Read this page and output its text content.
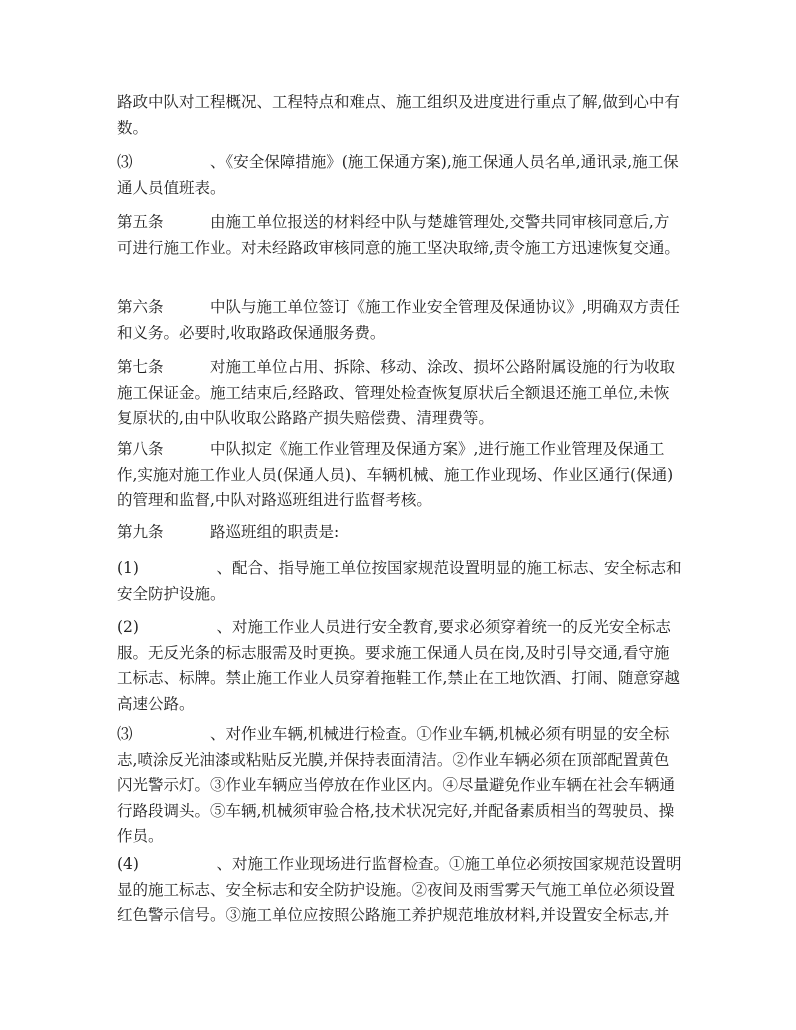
路政中队对工程概况、工程特点和难点、施工组织及进度进行重点了解,做到心中有数。
⑶　　　　　、《安全保障措施》(施工保通方案),施工保通人员名单,通讯录,施工保通人员值班表。
第五条　　　由施工单位报送的材料经中队与楚雄管理处,交警共同审核同意后,方可进行施工作业。对未经路政审核同意的施工坚决取缔,责令施工方迅速恢复交通。
第六条　　　中队与施工单位签订《施工作业安全管理及保通协议》,明确双方责任和义务。必要时,收取路政保通服务费。
第七条　　　对施工单位占用、拆除、移动、涂改、损坏公路附属设施的行为收取施工保证金。施工结束后,经路政、管理处检查恢复原状后全额退还施工单位,未恢复原状的,由中队收取公路路产损失赔偿费、清理费等。
第八条　　　中队拟定《施工作业管理及保通方案》,进行施工作业管理及保通工作,实施对施工作业人员(保通人员)、车辆机械、施工作业现场、作业区通行(保通)的管理和监督,中队对路巡班组进行监督考核。
第九条　　　路巡班组的职责是:
(1)　　　　　、配合、指导施工单位按国家规范设置明显的施工标志、安全标志和安全防护设施。
(2)　　　　　、对施工作业人员进行安全教育,要求必须穿着统一的反光安全标志服。无反光条的标志服需及时更换。要求施工保通人员在岗,及时引导交通,看守施工标志、标牌。禁止施工作业人员穿着拖鞋工作,禁止在工地饮酒、打闹、随意穿越高速公路。
⑶　　　　　、对作业车辆,机械进行检查。①作业车辆,机械必须有明显的安全标志,喷涂反光油漆或粘贴反光膜,并保持表面清洁。②作业车辆必须在顶部配置黄色闪光警示灯。③作业车辆应当停放在作业区内。④尽量避免作业车辆在社会车辆通行路段调头。⑤车辆,机械须审验合格,技术状况完好,并配备素质相当的驾驶员、操作员。
(4)　　　　　、对施工作业现场进行监督检查。①施工单位必须按国家规范设置明显的施工标志、安全标志和安全防护设施。②夜间及雨雪雾天气施工单位必须设置红色警示信号。③施工单位应按照公路施工养护规范堆放材料,并设置安全标志,并
